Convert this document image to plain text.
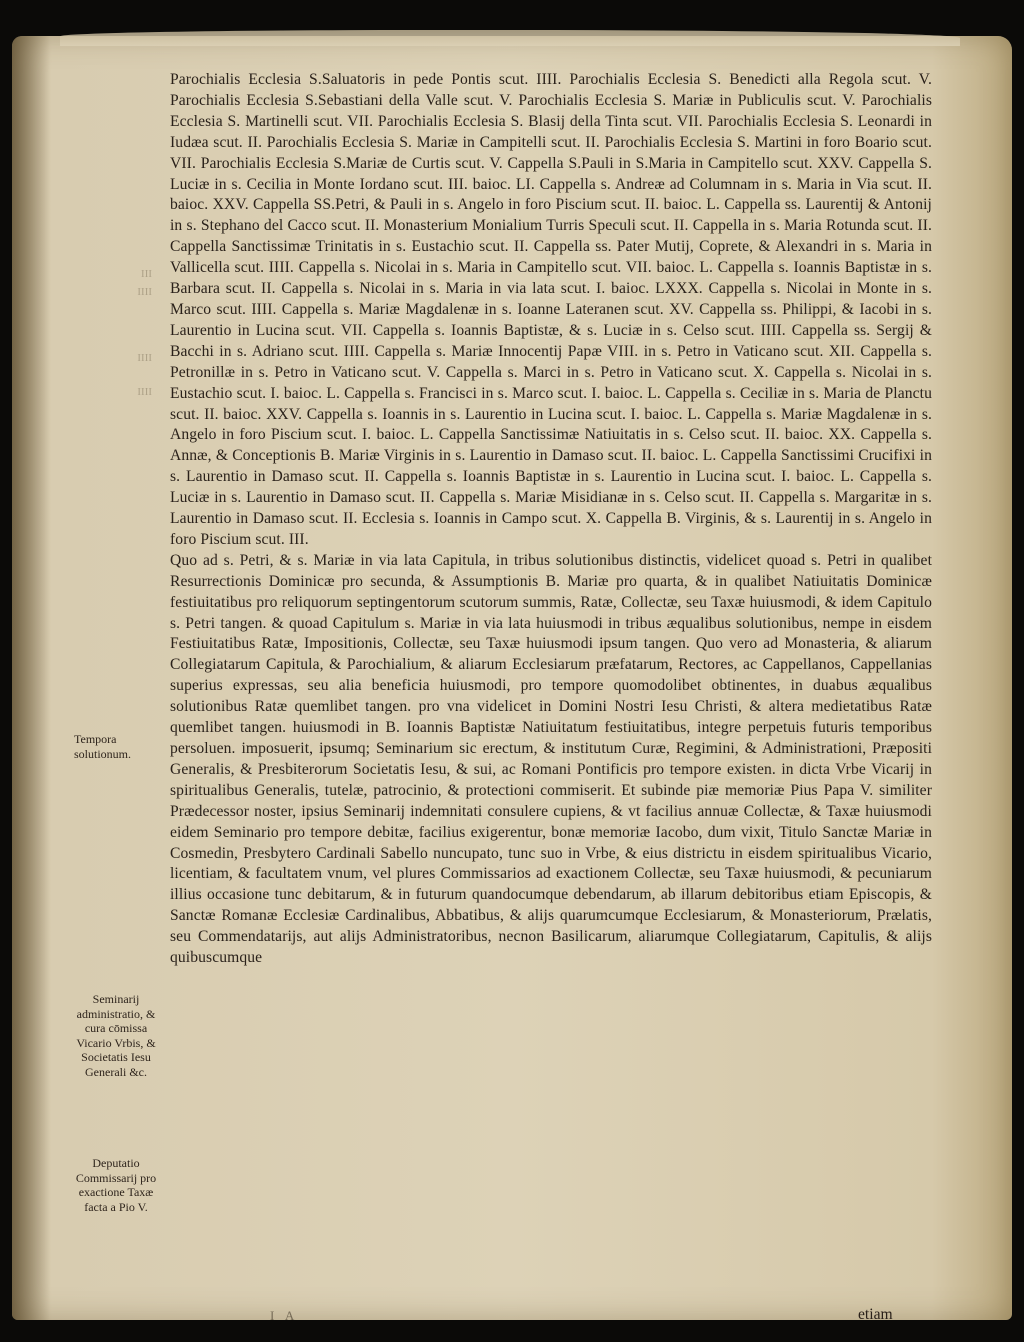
III
IIII
IIII
IIII
Tempora solutionum.
Seminarij administratio, & cura cōmissa Vicario Vrbis, & Societatis Iesu Generali &c.
Deputatio Commissarij pro exactione Taxæ facta a Pio V.

Parochialis Ecclesia S.Saluatoris in pede Pontis scut. IIII. Parochialis Ecclesia S. Benedicti alla Regola scut. V. Parochialis Ecclesia S.Sebastiani della Valle scut. V. Parochialis Ecclesia S. Mariæ in Publiculis scut. V. Parochialis Ecclesia S. Martinelli scut. VII. Parochialis Ecclesia S. Blasij della Tinta scut. VII. Parochialis Ecclesia S. Leonardi in Iudæa scut. II. Parochialis Ecclesia S. Mariæ in Campitelli scut. II. Parochialis Ecclesia S. Martini in foro Boario scut. VII. Parochialis Ecclesia S.Mariæ de Curtis scut. V. Cappella S.Pauli in S.Maria in Campitello scut. XXV. Cappella S. Luciæ in s. Cecilia in Monte Iordano scut. III. baioc. LI. Cappella s. Andreæ ad Columnam in s. Maria in Via scut. II. baioc. XXV. Cappella SS.Petri, & Pauli in s. Angelo in foro Piscium scut. II. baioc. L. Cappella ss. Laurentij & Antonij in s. Stephano del Cacco scut. II. Monasterium Monialium Turris Speculi scut. II. Cappella in s. Maria Rotunda scut. II. Cappella Sanctissimæ Trinitatis in s. Eustachio scut. II. Cappella ss. Pater Mutij, Coprete, & Alexandri in s. Maria in Vallicella scut. IIII. Cappella s. Nicolai in s. Maria in Campitello scut. VII. baioc. L. Cappella s. Ioannis Baptistæ in s. Barbara scut. II. Cappella s. Nicolai in s. Maria in via lata scut. I. baioc. LXXX. Cappella s. Nicolai in Monte in s. Marco scut. IIII. Cappella s. Mariæ Magdalenæ in s. Ioanne Lateranen scut. XV. Cappella ss. Philippi, & Iacobi in s. Laurentio in Lucina scut. VII. Cappella s. Ioannis Baptistæ, & s. Luciæ in s. Celso scut. IIII. Cappella ss. Sergij & Bacchi in s. Adriano scut. IIII. Cappella s. Mariæ Innocentij Papæ VIII. in s. Petro in Vaticano scut. XII. Cappella s. Petronillæ in s. Petro in Vaticano scut. V. Cappella s. Marci in s. Petro in Vaticano scut. X. Cappella s. Nicolai in s. Eustachio scut. I. baioc. L. Cappella s. Francisci in s. Marco scut. I. baioc. L. Cappella s. Ceciliæ in s. Maria de Planctu scut. II. baioc. XXV. Cappella s. Ioannis in s. Laurentio in Lucina scut. I. baioc. L. Cappella s. Mariæ Magdalenæ in s. Angelo in foro Piscium scut. I. baioc. L. Cappella Sanctissimæ Natiuitatis in s. Celso scut. II. baioc. XX. Cappella s. Annæ, & Conceptionis B. Mariæ Virginis in s. Laurentio in Damaso scut. II. baioc. L. Cappella Sanctissimi Crucifixi in s. Laurentio in Damaso scut. II. Cappella s. Ioannis Baptistæ in s. Laurentio in Lucina scut. I. baioc. L. Cappella s. Luciæ in s. Laurentio in Damaso scut. II. Cappella s. Mariæ Misidianæ in s. Celso scut. II. Cappella s. Margaritæ in s. Laurentio in Damaso scut. II. Ecclesia s. Ioannis in Campo scut. X. Cappella B. Virginis, & s. Laurentij in s. Angelo in foro Piscium scut. III.

Quo ad s. Petri, & s. Mariæ in via lata Capitula, in tribus solutionibus distinctis, videlicet quoad s. Petri in qualibet Resurrectionis Dominicæ pro secunda, & Assumptionis B. Mariæ pro quarta, & in qualibet Natiuitatis Dominicæ festiuitatibus pro reliquorum septingentorum scutorum summis, Ratæ, Collectæ, seu Taxæ huiusmodi, & idem Capitulo s. Petri tangen. & quoad Capitulum s. Mariæ in via lata huiusmodi in tribus æqualibus solutionibus, nempe in eisdem Festiuitatibus Ratæ, Impositionis, Collectæ, seu Taxæ huiusmodi ipsum tangen. Quo vero ad Monasteria, & aliarum Collegiatarum Capitula, & Parochialium, & aliarum Ecclesiarum præfatarum, Rectores, ac Cappellanos, Cappellanias superius expressas, seu alia beneficia huiusmodi, pro tempore quomodolibet obtinentes, in duabus æqualibus solutionibus Ratæ quemlibet tangen. pro vna videlicet in Domini Nostri Iesu Christi, & altera medietatibus Ratæ quemlibet tangen. huiusmodi in B. Ioannis Baptistæ Natiuitatum festiuitatibus, integre perpetuis futuris temporibus persoluen. imposuerit, ipsumq; Seminarium sic erectum, & institutum Curæ, Regimini, & Administrationi, Præpositi Generalis, & Presbiterorum Societatis Iesu, & sui, ac Romani Pontificis pro tempore existen. in dicta Vrbe Vicarij in spiritualibus Generalis, tutelæ, patrocinio, & protectioni commiserit. Et subinde piæ memoriæ Pius Papa V. similiter Prædecessor noster, ipsius Seminarij indemnitati consulere cupiens, & vt facilius annuæ Collectæ, & Taxæ huiusmodi eidem Seminario pro tempore debitæ, facilius exigerentur, bonæ memoriæ Iacobo, dum vixit, Titulo Sanctæ Mariæ in Cosmedin, Presbytero Cardinali Sabello nuncupato, tunc suo in Vrbe, & eius districtu in eisdem spiritualibus Vicario, licentiam, & facultatem vnum, vel plures Commissarios ad exactionem Collectæ, seu Taxæ huiusmodi, & pecuniarum illius occasione tunc debitarum, & in futurum quandocumque debendarum, ab illarum debitoribus etiam Episcopis, & Sanctæ Romanæ Ecclesiæ Cardinalibus, Abbatibus, & alijs quarumcumque Ecclesiarum, & Monasteriorum, Prælatis, seu Commendatarijs, aut alijs Administratoribus, necnon Basilicarum, aliarumque Collegiatarum, Capitulis, & alijs quibuscumque

I A	etiam
